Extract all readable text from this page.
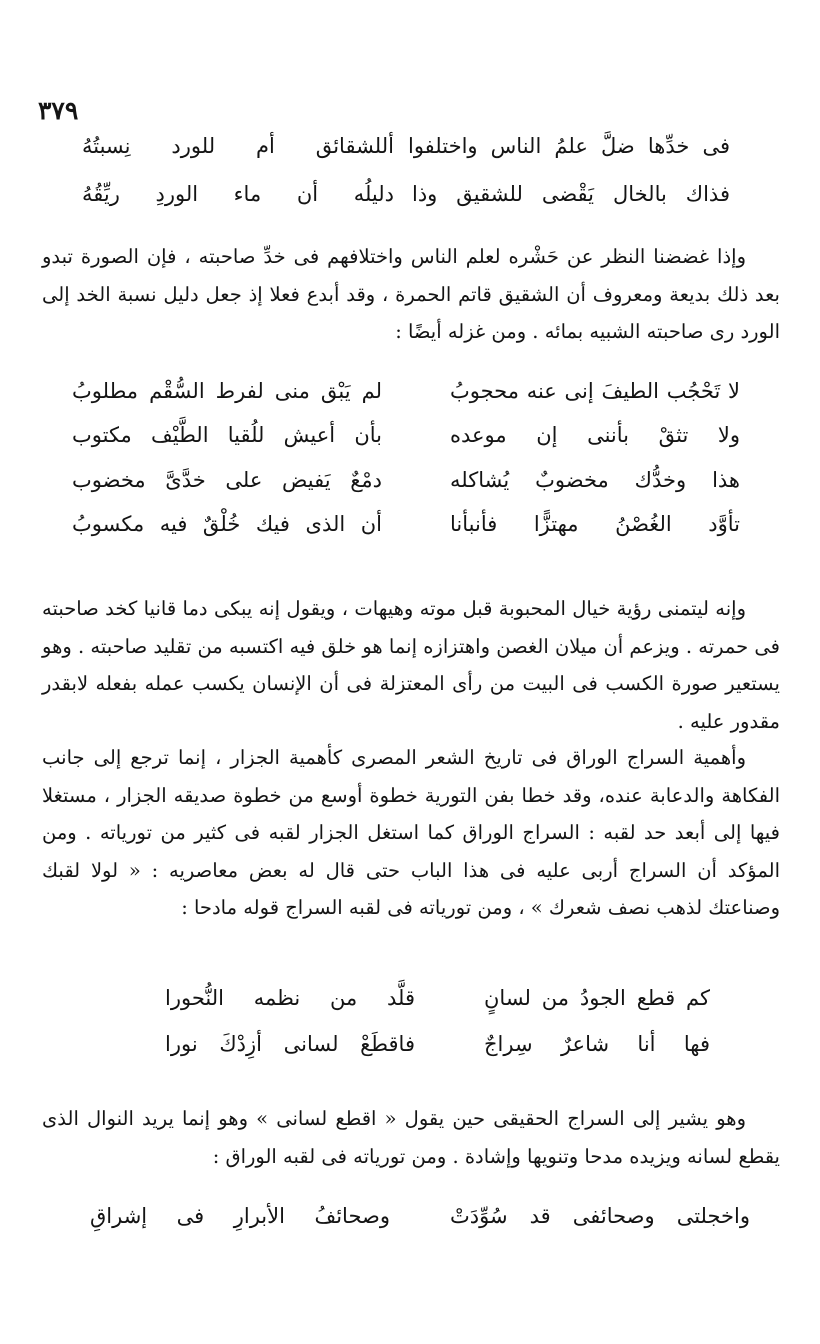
٣٧٩
فى خدِّها ضلَّ علمُ الناس واختلفوا
أللشقائق أم للورد نِسبتُهُ
فذاك بالخال يَقْضى للشقيق وذا
دليلُه أن ماء الوردِ ريِّقُهُ

وإذا غضضنا النظر عن حَشْره لعلم الناس واختلافهم فى خدِّ صاحبته ، فإن الصورة تبدو بعد ذلك بديعة ومعروف أن الشقيق قاتم الحمرة ، وقد أبدع فعلا إذ جعل دليل نسبة الخد إلى الورد رى صاحبته الشبيه بمائه . ومن غزله أيضًا :

لا تَحْجُب الطيفَ إنى عنه محجوبُ
لم يَبْق منى لفرط السُّقْم مطلوبُ
ولا تثقْ بأننى إن موعده
بأن أعيش للُقيا الطَّيْف مكتوب
هذا وخدُّك مخضوبٌ يُشاكله
دمْعٌ يَفيض على خدَّىَّ مخضوب
تأوَّد الغُصْنُ مهتزًّا فأنبأنا
أن الذى فيك خُلْقٌ فيه مكسوبُ

وإنه ليتمنى رؤية خيال المحبوبة قبل موته وهيهات ، ويقول إنه يبكى دما قانيا كخد صاحبته فى حمرته . ويزعم أن ميلان الغصن واهتزازه إنما هو خلق فيه اكتسبه من تقليد صاحبته . وهو يستعير صورة الكسب فى البيت من رأى المعتزلة فى أن الإنسان يكسب عمله بفعله لابقدر مقدور عليه .

وأهمية السراج الوراق فى تاريخ الشعر المصرى كأهمية الجزار ، إنما ترجع إلى جانب الفكاهة والدعابة عنده، وقد خطا بفن التورية خطوة أوسع من خطوة صديقه الجزار ، مستغلا فيها إلى أبعد حد لقبه : السراج الوراق كما استغل الجزار لقبه فى كثير من تورياته . ومن المؤكد أن السراج أربى عليه فى هذا الباب حتى قال له بعض معاصريه : « لولا لقبك وصناعتك لذهب نصف شعرك » ، ومن تورياته فى لقبه السراج قوله مادحا :

كم قطع الجودُ من لسانٍ
قلَّد من نظمه النُّحورا
فها أنا شاعرٌ سِراجٌ
فاقطَعْ لسانى أزِدْكَ نورا

وهو يشير إلى السراج الحقيقى حين يقول « اقطع لسانى » وهو إنما يريد النوال الذى يقطع لسانه ويزيده مدحا وتنويها وإشادة . ومن تورياته فى لقبه الوراق :

واخجلتى وصحائفى قد سُوِّدَتْ
وصحائفُ الأبرارِ فى إشراقِ
